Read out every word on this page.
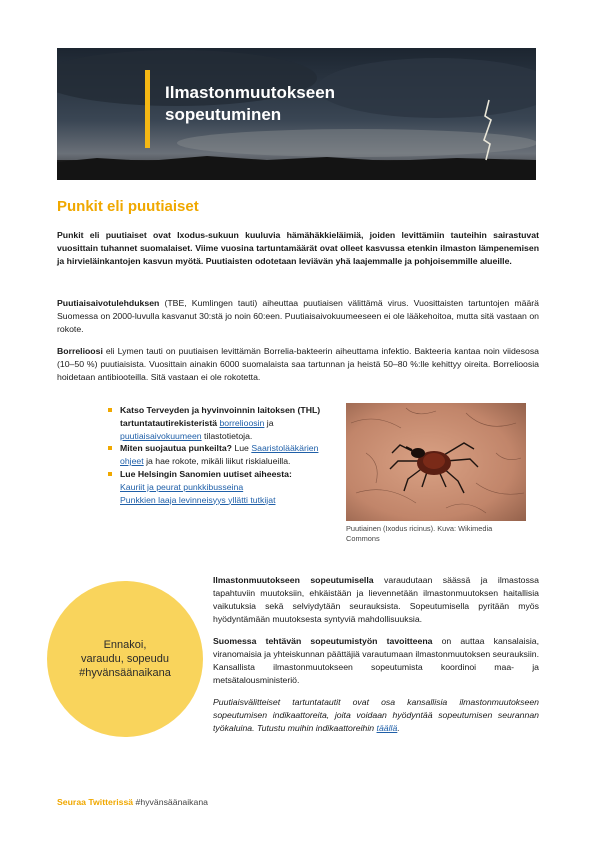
Ilmastonmuutokseen
sopeutuminen
Punkit eli puutiaiset

Punkit eli puutiaiset ovat Ixodus-sukuun kuuluvia hämähäkkieläimiä, joiden levittämiin tauteihin sairastuvat vuosittain tuhannet suomalaiset. Viime vuosina tartuntamäärät ovat olleet kasvussa etenkin ilmaston lämpenemisen ja hirvieläinkantojen kasvun myötä. Puutiaisten odotetaan leviävän yhä laajemmalle ja pohjoisemmille alueille.

Puutiaisaivotulehduksen (TBE, Kumlingen tauti) aiheuttaa puutiaisen välittämä virus. Vuosittaisten tartuntojen määrä Suomessa on 2000-luvulla kasvanut 30:stä jo noin 60:een. Puutiaisaivokuumeeseen ei ole lääkehoitoa, mutta sitä vastaan on rokote.

Borrelioosi eli Lymen tauti on puutiaisen levittämän Borrelia-bakteerin aiheuttama infektio. Bakteeria kantaa noin viidesosa (10–50 %) puutiaisista. Vuosittain ainakin 6000 suomalaista saa tartunnan ja heistä 50–80 %:lle kehittyy oireita. Borrelioosia hoidetaan antibiooteilla. Sitä vastaan ei ole rokotetta.

Katso Terveyden ja hyvinvoinnin laitoksen (THL) tartuntatautirekisteristä borrelioosin ja puutiaisaivokuumeen tilastotietoja.
Miten suojautua punkeilta? Lue Saaristolääkärien ohjeet ja hae rokote, mikäli liikut riskialueilla.
Lue Helsingin Sanomien uutiset aiheesta:
Kauriit ja peurat punkkibusseina
Punkkien laaja levinneisyys yllätti tutkijat

Puutiainen (Ixodus ricinus). Kuva: Wikimedia Commons

Ennakoi,
varaudu, sopeudu
#hyvänsäänaikana

Ilmastonmuutokseen sopeutumisella varaudutaan säässä ja ilmastossa tapahtuviin muutoksiin, ehkäistään ja lievennetään ilmastonmuutoksen haitallisia vaikutuksia sekä selviydytään seurauksista. Sopeutumisella pyritään myös hyödyntämään muutoksesta syntyviä mahdollisuuksia.

Suomessa tehtävän sopeutumistyön tavoitteena on auttaa kansalaisia, viranomaisia ja yhteiskunnan päättäjiä varautumaan ilmastonmuutoksen seurauksiin. Kansallista ilmastonmuutokseen sopeutumista koordinoi maa- ja metsätalousministeriö.

Puutiaisvälitteiset tartuntatautit ovat osa kansallisia ilmastonmuutokseen sopeutumisen indikaattoreita, joita voidaan hyödyntää sopeutumisen seurannan työkaluina. Tutustu muihin indikaattoreihin täällä.

Seuraa Twitterissä #hyvänsäänaikana
